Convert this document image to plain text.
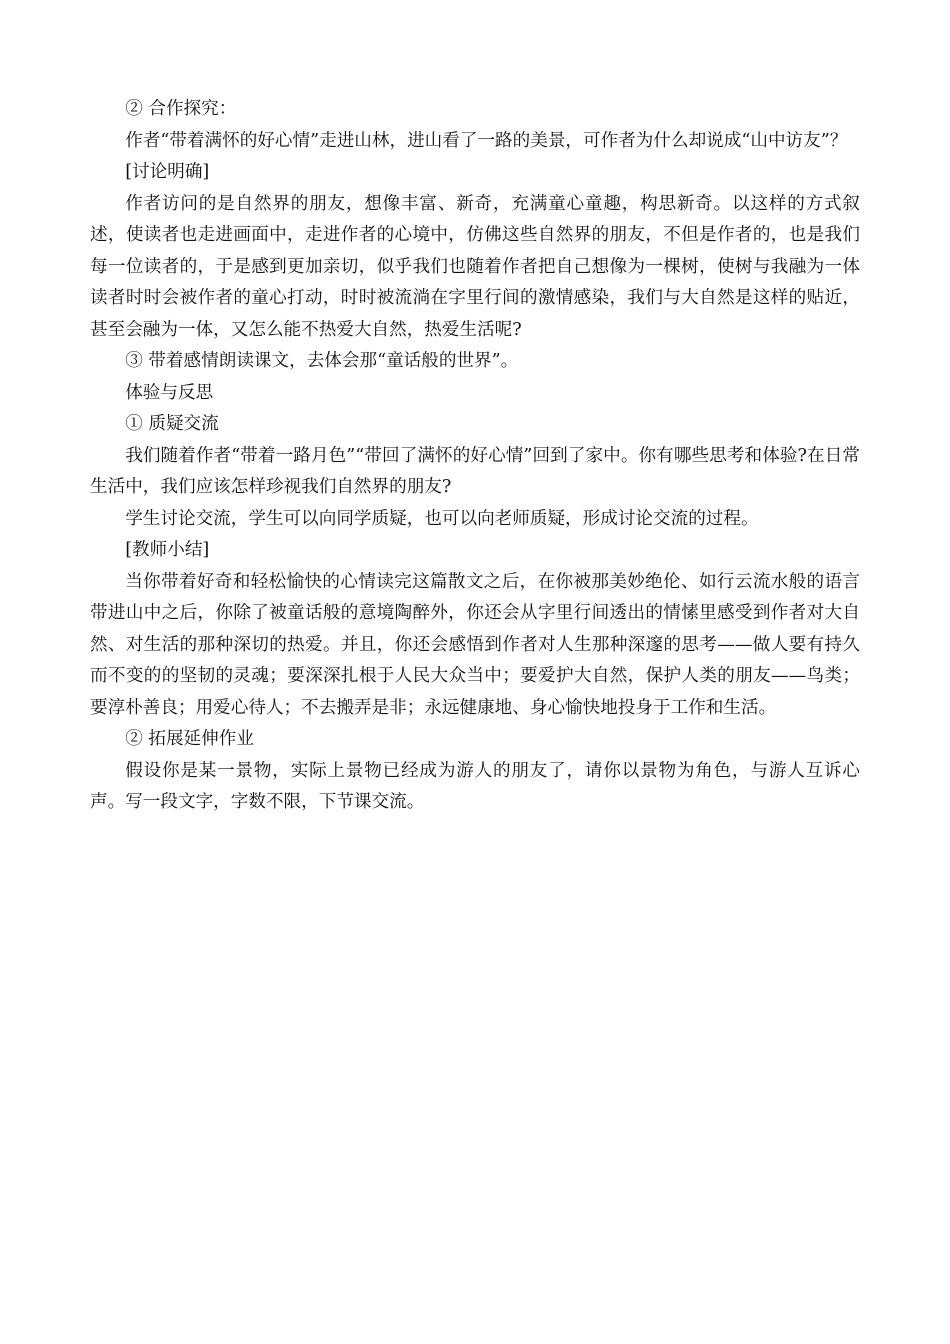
② 合作探究：

作者“带着满怀的好心情”走进山林，进山看了一路的美景，可作者为什么却说成“山中访友”？

[讨论明确]

作者访问的是自然界的朋友，想像丰富、新奇，充满童心童趣，构思新奇。以这样的方式叙述，使读者也走进画面中，走进作者的心境中，仿佛这些自然界的朋友，不但是作者的，也是我们每一位读者的，于是感到更加亲切，似乎我们也随着作者把自己想像为一棵树，使树与我融为一体读者时时会被作者的童心打动，时时被流淌在字里行间的激情感染，我们与大自然是这样的贴近，甚至会融为一体，又怎么能不热爱大自然，热爱生活呢?

③ 带着感情朗读课文，去体会那“童话般的世界”。

体验与反思

① 质疑交流

我们随着作者“带着一路月色”“带回了满怀的好心情”回到了家中。你有哪些思考和体验?在日常生活中，我们应该怎样珍视我们自然界的朋友?

学生讨论交流，学生可以向同学质疑，也可以向老师质疑，形成讨论交流的过程。

[教师小结]

当你带着好奇和轻松愉快的心情读完这篇散文之后，在你被那美妙绝伦、如行云流水般的语言带进山中之后，你除了被童话般的意境陶醉外，你还会从字里行间透出的情愫里感受到作者对大自然、对生活的那种深切的热爱。并且，你还会感悟到作者对人生那种深邃的思考——做人要有持久而不变的的坚韧的灵魂；要深深扎根于人民大众当中；要爱护大自然，保护人类的朋友——鸟类；要淳朴善良；用爱心待人；不去搬弄是非；永远健康地、身心愉快地投身于工作和生活。

② 拓展延伸作业

假设你是某一景物，实际上景物已经成为游人的朋友了，请你以景物为角色，与游人互诉心声。写一段文字，字数不限，下节课交流。
